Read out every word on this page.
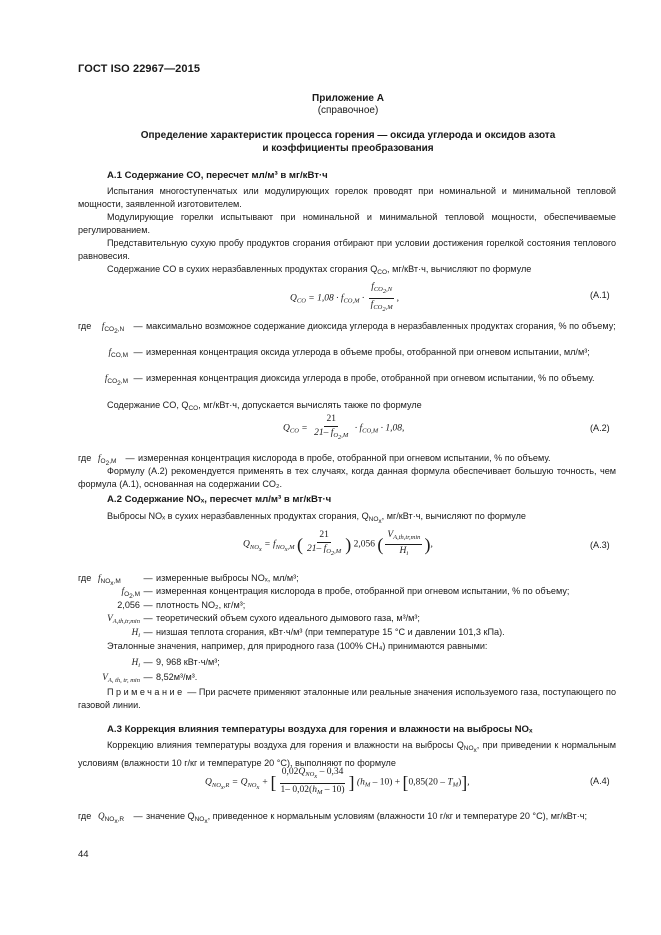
ГОСТ ISO 22967—2015
Приложение А
(справочное)
Определение характеристик процесса горения — оксида углерода и оксидов азота
и коэффициенты преобразования
А.1 Содержание CO, пересчет мл/м³ в мг/кВт·ч
Испытания многоступенчатых или модулирующих горелок проводят при номинальной и минимальной тепловой мощности, заявленной изготовителем.
Модулирующие горелки испытывают при номинальной и минимальной тепловой мощности, обеспечиваемые регулированием.
Представительную сухую пробу продуктов сгорания отбирают при условии достижения горелкой состояния теплового равновесия.
Содержание CO в сухих неразбавленных продуктах сгорания $Q_{CO}$, мг/кВт·ч, вычисляют по формуле
$Q_{CO} = 1,08 \cdot f_{CO,M} \cdot \frac{f_{CO_2,N}}{f_{CO_2,M}}$ ,	(А.1)
где	$f_{CO_2,N}$	— максимально возможное содержание диоксида углерода в неразбавленных продуктах сгорания, % по объему;
$f_{CO,M}$ — измеренная концентрация оксида углерода в объеме пробы, отобранной при огневом испытании, мл/м³;
$f_{CO_2,M}$ — измеренная концентрация диоксида углерода в пробе, отобранной при огневом испытании, % по объему.
Содержание CO, $Q_{CO}$, мг/кВт·ч, допускается вычислять также по формуле
$Q_{CO} = \frac{21}{21- f_{O_2,M}} \cdot f_{CO,M} \cdot 1,08$,	(А.2)
где $f_{O_2,M}$ — измеренная концентрация кислорода в пробе, отобранной при огневом испытании, % по объему.
Формулу (А.2) рекомендуется применять в тех случаях, когда данная формула обеспечивает большую точность, чем формула (А.1), основанная на содержании CO₂.
А.2 Содержание NOₓ, пересчет мл/м³ в мг/кВт·ч
Выбросы NOₓ в сухих неразбавленных продуктах сгорания, $Q_{NO_x}$, мг/кВт·ч, вычисляют по формуле
$Q_{NO_x} = f_{NO_x,M}$ ( $\frac{21}{21- f_{O_2,M}}$ ) 2,056 ( $\frac{V_{A,th,tr,min}}{H_i}$ ),	(А.3)
где $f_{NO_x,M}$	— измеренные выбросы NOₓ, мл/м³;
$f_{O_2,M}$ — измеренная концентрация кислорода в пробе, отобранной при огневом испытании, % по объему;
2,056 — плотность NO₂, кг/м³;
$V_{A,th,tr,min}$ — теоретический объем сухого идеального дымового газа, м³/м³;
$H_i$ — низшая теплота сгорания, кВт·ч/м³ (при температуре 15 °C и давлении 101,3 кПа).
Эталонные значения, например, для природного газа (100% CH₄) принимаются равными:
$H_i$ — 9, 968 кВт·ч/м³;
$V_{A, th, tr, min}$ — 8,52м³/м³.
Примечание — При расчете применяют эталонные или реальные значения используемого газа, поступающего по газовой линии.
А.3 Коррекция влияния температуры воздуха для горения и влажности на выбросы NOₓ
Коррекцию влияния температуры воздуха для горения и влажности на выбросы $Q_{NO_x}$, при приведении к нормальным условиям (влажности 10 г/кг и температуре 20 °C), выполняют по формуле
$Q_{NO_x,R} = Q_{NO_x}$ + [ $\frac{0,02Q_{NO_x} - 0,34}{1- 0,02(h_M - 10)}$ ] $(h_M - 10) + [0,85(20 - T_M)]$,	(А.4)
где $Q_{NO_x,R}$	— значение $Q_{NO_x}$, приведенное к нормальным условиям (влажности 10 г/кг и температуре 20 °C), мг/кВт·ч;
44
